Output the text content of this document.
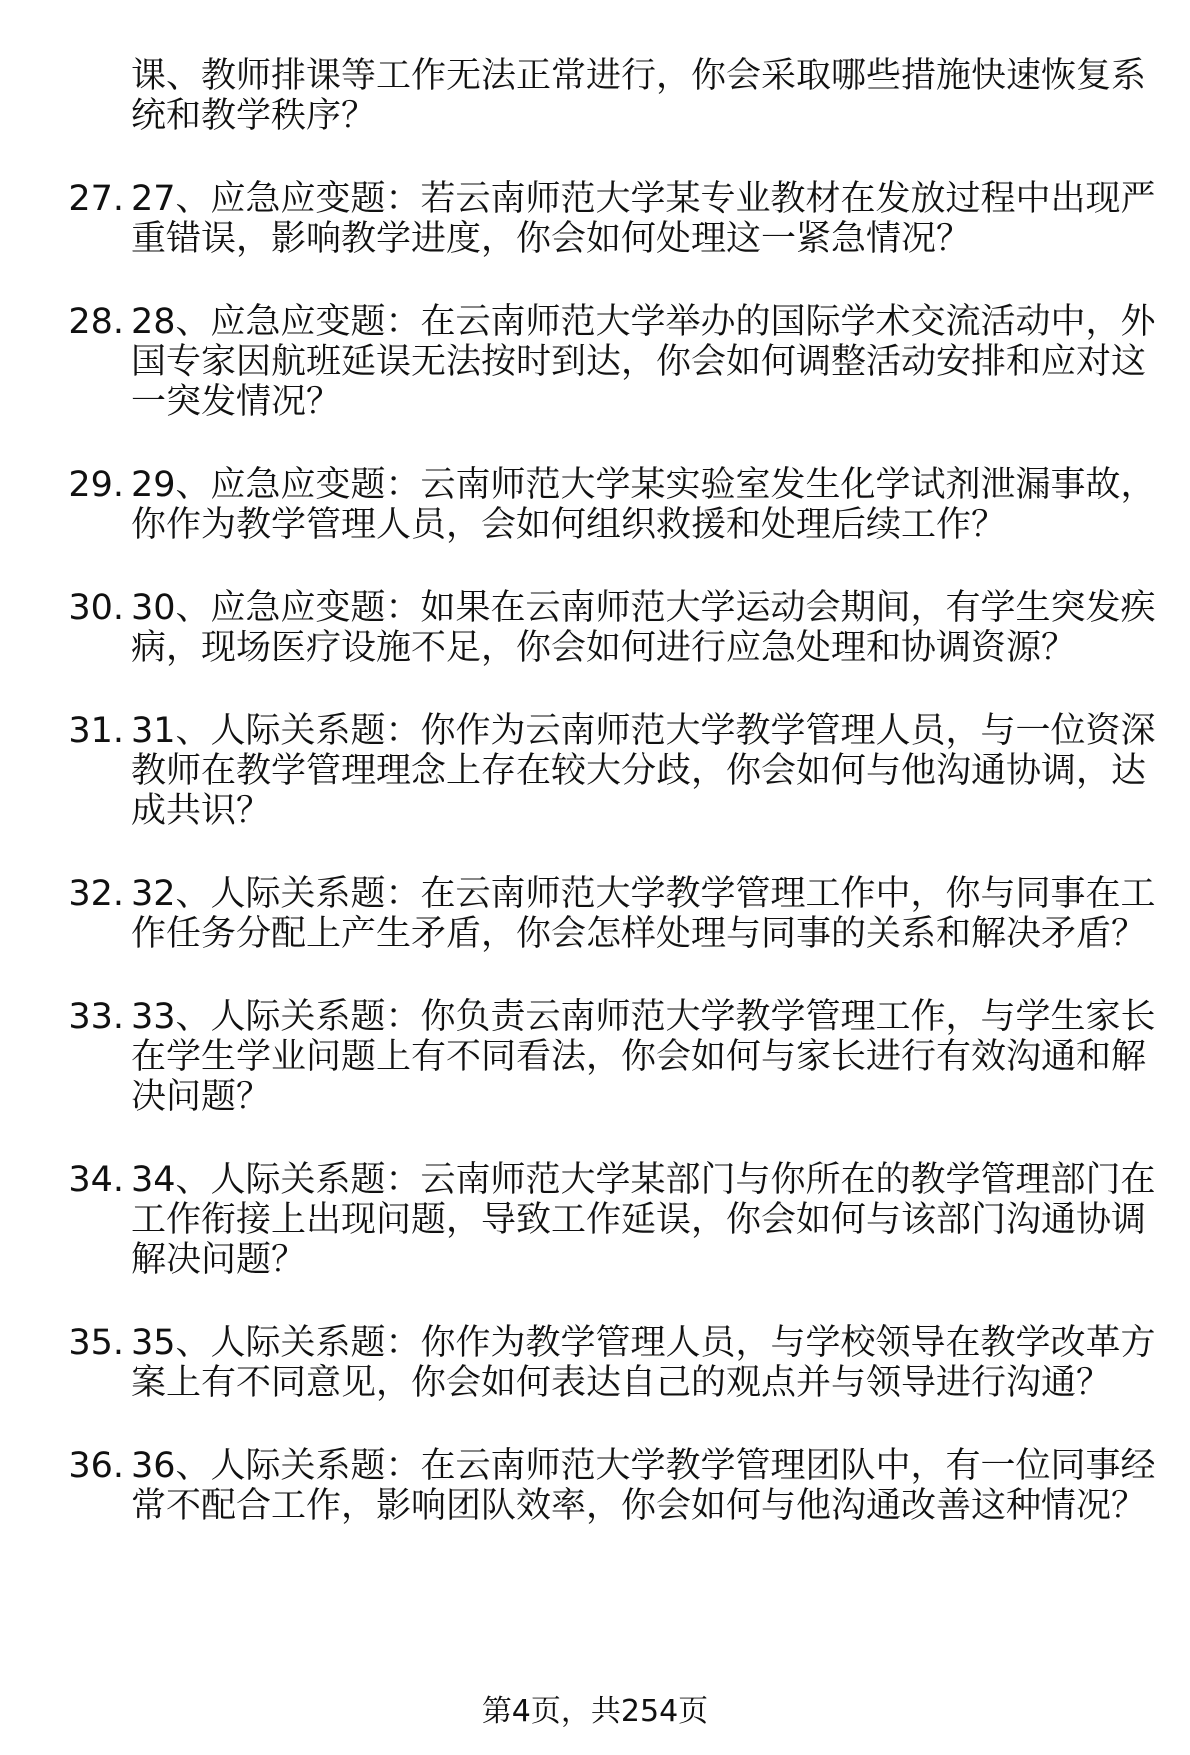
课、教师排课等工作无法正常进行，你会采取哪些措施快速恢复系统和教学秩序？
27. 27、应急应变题：若云南师范大学某专业教材在发放过程中出现严重错误，影响教学进度，你会如何处理这一紧急情况？
28. 28、应急应变题：在云南师范大学举办的国际学术交流活动中，外国专家因航班延误无法按时到达，你会如何调整活动安排和应对这一突发情况？
29. 29、应急应变题：云南师范大学某实验室发生化学试剂泄漏事故，你作为教学管理人员，会如何组织救援和处理后续工作？
30. 30、应急应变题：如果在云南师范大学运动会期间，有学生突发疾病，现场医疗设施不足，你会如何进行应急处理和协调资源？
31. 31、人际关系题：你作为云南师范大学教学管理人员，与一位资深教师在教学管理理念上存在较大分歧，你会如何与他沟通协调，达成共识？
32. 32、人际关系题：在云南师范大学教学管理工作中，你与同事在工作任务分配上产生矛盾，你会怎样处理与同事的关系和解决矛盾？
33. 33、人际关系题：你负责云南师范大学教学管理工作，与学生家长在学生学业问题上有不同看法，你会如何与家长进行有效沟通和解决问题？
34. 34、人际关系题：云南师范大学某部门与你所在的教学管理部门在工作衔接上出现问题，导致工作延误，你会如何与该部门沟通协调解决问题？
35. 35、人际关系题：你作为教学管理人员，与学校领导在教学改革方案上有不同意见，你会如何表达自己的观点并与领导进行沟通？
36. 36、人际关系题：在云南师范大学教学管理团队中，有一位同事经常不配合工作，影响团队效率，你会如何与他沟通改善这种情况？
第4页，共254页
